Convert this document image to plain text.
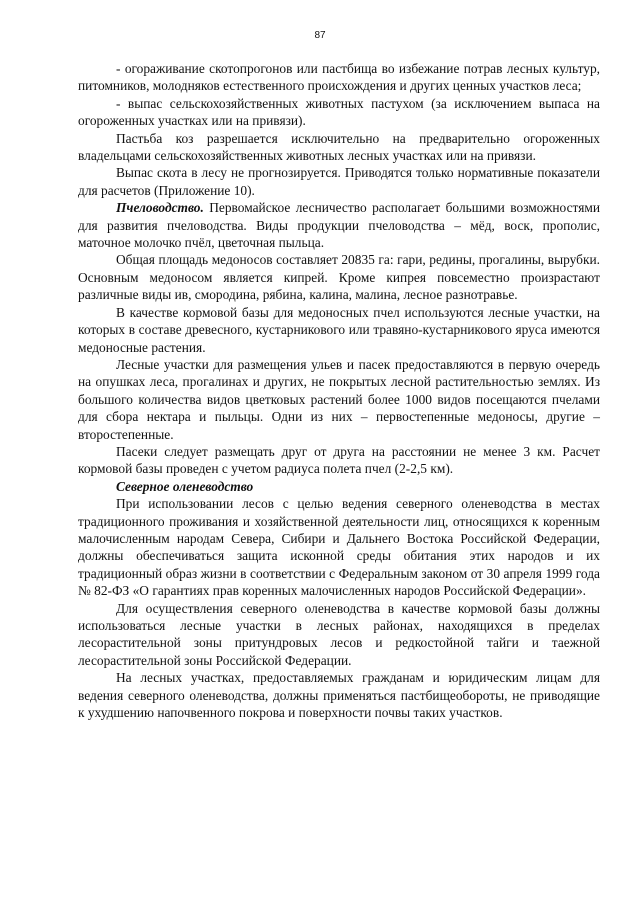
87

- огораживание скотопрогонов или пастбища во избежание потрав лесных культур, питомников, молодняков естественного происхождения и других ценных участков леса;

- выпас сельскохозяйственных животных пастухом (за исключением выпаса на огороженных участках или на привязи).

Пастьба коз разрешается исключительно на предварительно огороженных владельцами сельскохозяйственных животных лесных участках или на привязи.

Выпас скота в лесу не прогнозируется. Приводятся только нормативные показатели для расчетов (Приложение 10).

Пчеловодство. Первомайское лесничество располагает большими возможностями для развития пчеловодства. Виды продукции пчеловодства – мёд, воск, прополис, маточное молочко пчёл, цветочная пыльца.

Общая площадь медоносов составляет 20835 га: гари, редины, прогалины, вырубки. Основным медоносом является кипрей. Кроме кипрея повсеместно произрастают различные виды ив, смородина, рябина, калина, малина, лесное разнотравье.

В качестве кормовой базы для медоносных пчел используются лесные участки, на которых в составе древесного, кустарникового или травяно-кустарникового яруса имеются медоносные растения.

Лесные участки для размещения ульев и пасек предоставляются в первую очередь на опушках леса, прогалинах и других, не покрытых лесной растительностью землях. Из большого количества видов цветковых растений более 1000 видов посещаются пчелами для сбора нектара и пыльцы. Одни из них – первостепенные медоносы, другие – второстепенные.

Пасеки следует размещать друг от друга на расстоянии не менее 3 км. Расчет кормовой базы проведен с учетом радиуса полета пчел (2-2,5 км).

Северное оленеводство

При использовании лесов с целью ведения северного оленеводства в местах традиционного проживания и хозяйственной деятельности лиц, относящихся к коренным малочисленным народам Севера, Сибири и Дальнего Востока Российской Федерации, должны обеспечиваться защита исконной среды обитания этих народов и их традиционный образ жизни в соответствии с Федеральным законом от 30 апреля 1999 года № 82-ФЗ «О гарантиях прав коренных малочисленных народов Российской Федерации».

Для осуществления северного оленеводства в качестве кормовой базы должны использоваться лесные участки в лесных районах, находящихся в пределах лесорастительной зоны притундровых лесов и редкостойной тайги и таежной лесорастительной зоны Российской Федерации.

На лесных участках, предоставляемых гражданам и юридическим лицам для ведения северного оленеводства, должны применяться пастбищеобороты, не приводящие к ухудшению напочвенного покрова и поверхности почвы таких участков.
